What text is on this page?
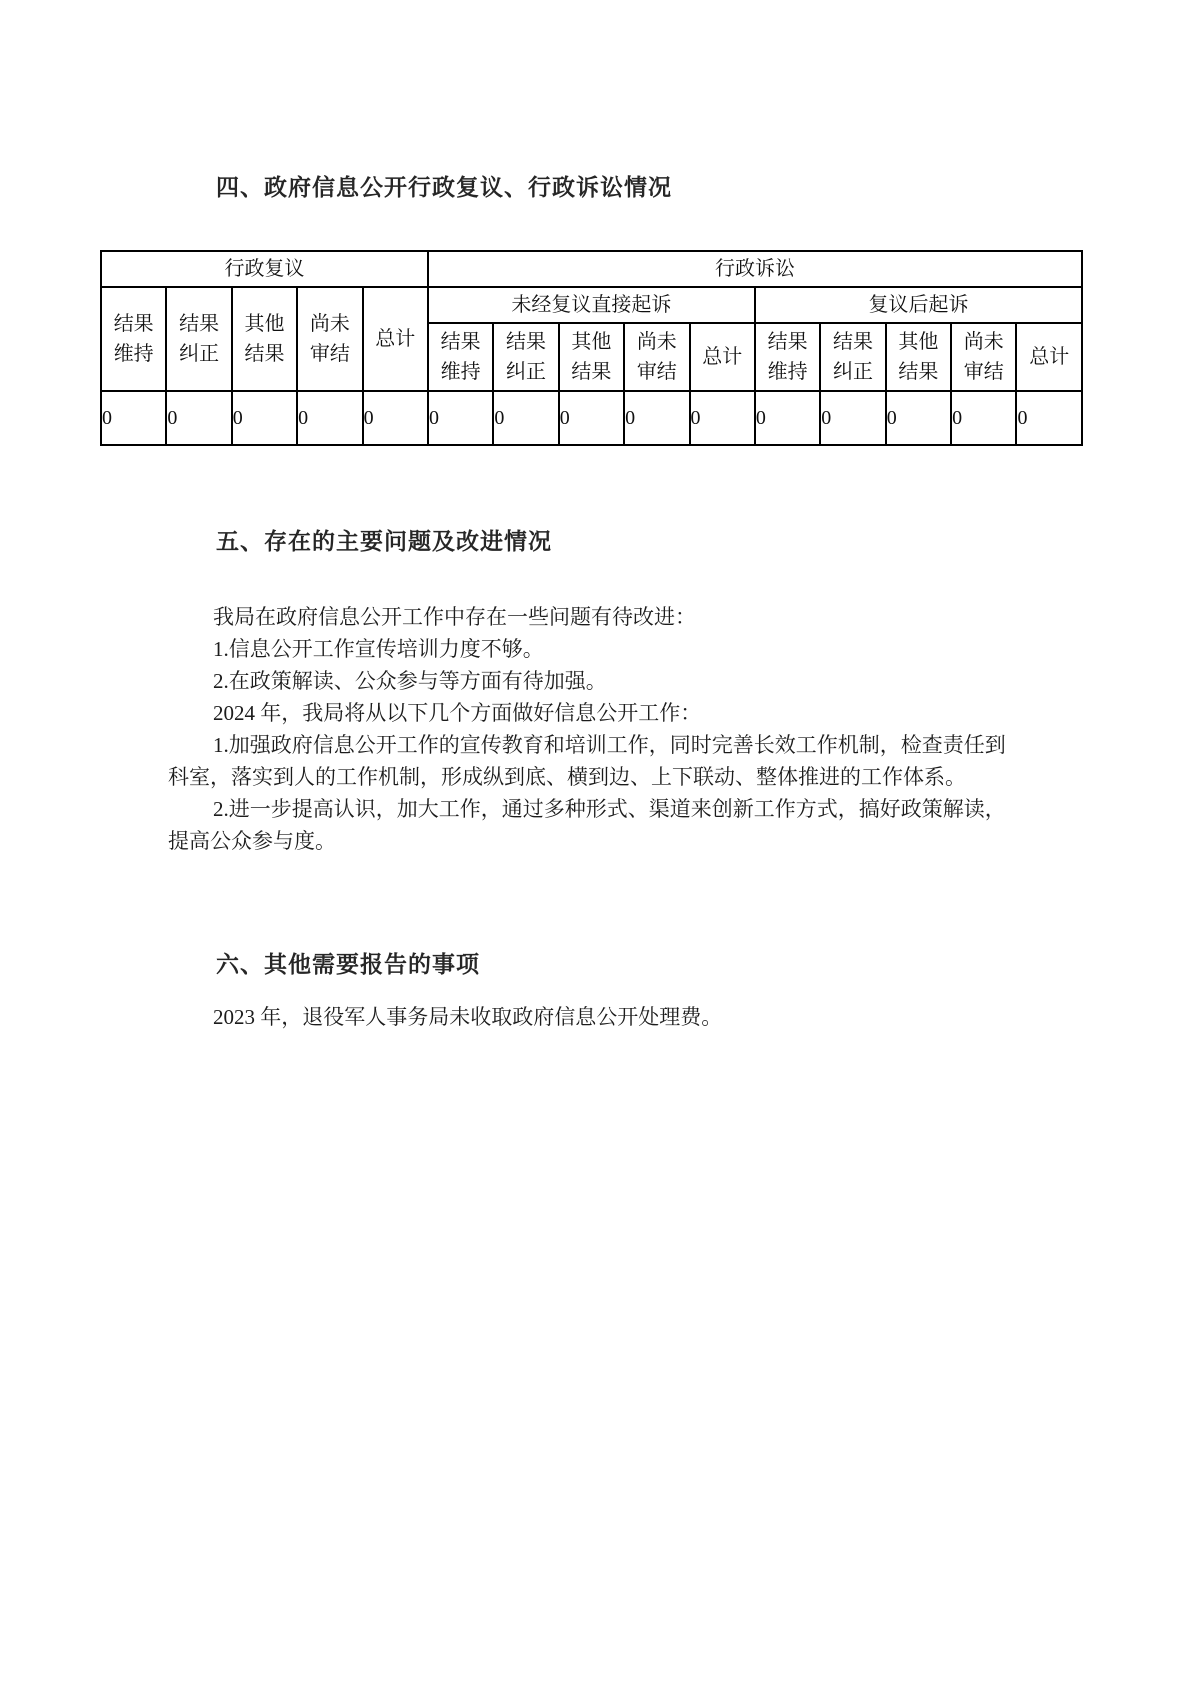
四、政府信息公开行政复议、行政诉讼情况
行政复议					行政诉讼									
结果维持	结果纠正	其他结果	尚未审结	总计	未经复议直接起诉					复议后起诉				
					结果维持	结果纠正	其他结果	尚未审结	总计	结果维持	结果纠正	其他结果	尚未审结	总计
0	0	0	0	0	0	0	0	0	0	0	0	0	0	0
五、存在的主要问题及改进情况
我局在政府信息公开工作中存在一些问题有待改进：
1.信息公开工作宣传培训力度不够。
2.在政策解读、公众参与等方面有待加强。
2024 年，我局将从以下几个方面做好信息公开工作：
1.加强政府信息公开工作的宣传教育和培训工作，同时完善长效工作机制，检查责任到
科室，落实到人的工作机制，形成纵到底、横到边、上下联动、整体推进的工作体系。
2.进一步提高认识，加大工作，通过多种形式、渠道来创新工作方式，搞好政策解读，
提高公众参与度。
六、其他需要报告的事项
2023 年，退役军人事务局未收取政府信息公开处理费。
